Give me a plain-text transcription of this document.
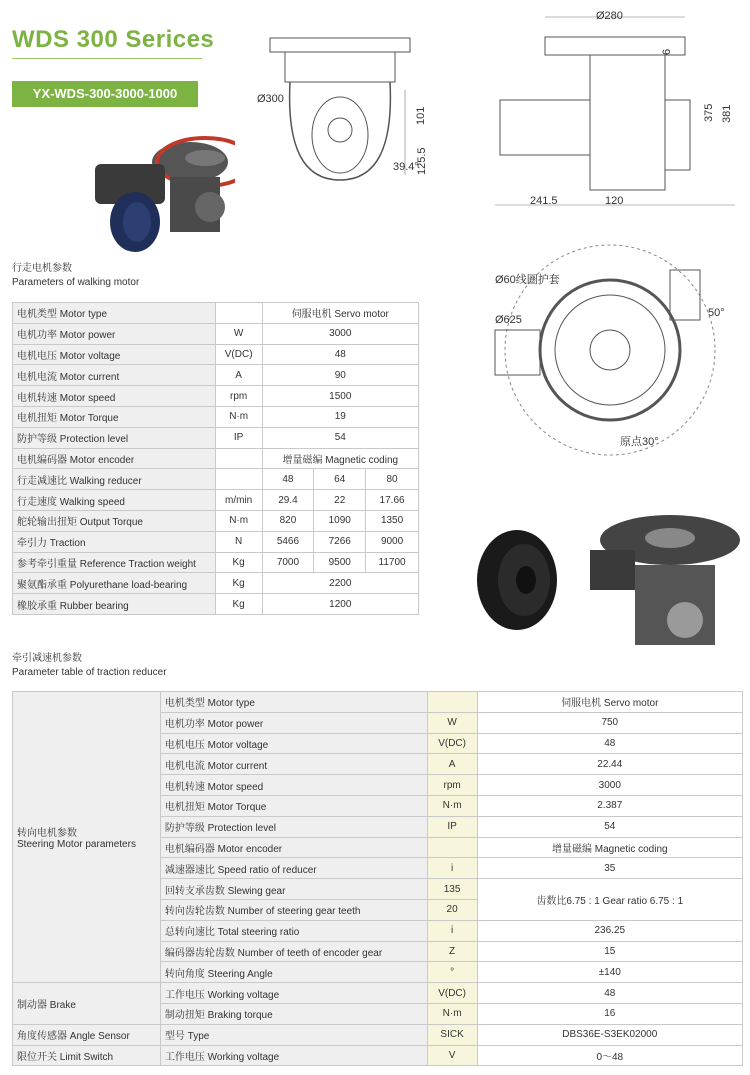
WDS 300 Serices
YX-WDS-300-3000-1000	Ø300
101
125.5
39.4°
Ø280
6
375 381
241.5	120
Ø60线圈护套
Ø625
50°
原点30°
行走电机参数
Parameters of walking motor
电机类型 Motor type		伺服电机 Servo motor		
电机功率 Motor power	W	3000		
电机电压 Motor voltage	V(DC)	48		
电机电流 Motor current	A	90		
电机转速 Motor speed	rpm	1500		
电机扭矩 Motor Torque	N·m	19		
防护等级 Protection level	IP	54		
电机编码器 Motor encoder		增量磁编 Magnetic coding		
行走减速比 Walking reducer		48	64	80
行走速度 Walking speed	m/min	29.4	22	17.66
舵轮输出扭矩 Output Torque	N·m	820	1090	1350
牵引力 Traction	N	5466	7266	9000
参考牵引重量 Reference Traction weight	Kg	7000	9500	11700
聚氨酯承重 Polyurethane load-bearing	Kg	2200		
橡胶承重 Rubber bearing	Kg	1200		
牵引减速机参数
Parameter table of traction reducer
转向电机参数
Steering Motor parameters	电机类型 Motor type		伺服电机 Servo motor
	电机功率 Motor power	W	750
	电机电压 Motor voltage	V(DC)	48
	电机电流 Motor current	A	22.44
	电机转速 Motor speed	rpm	3000
	电机扭矩 Motor Torque	N·m	2.387
	防护等级 Protection level	IP	54
	电机编码器 Motor encoder		增量磁编 Magnetic coding
	减速器速比 Speed ratio of reducer	i	35
	回转支承齿数 Slewing gear	135	齿数比6.75 : 1 Gear ratio 6.75 : 1
	转向齿轮齿数 Number of steering gear teeth	20	
	总转向速比 Total steering ratio	i	236.25
	编码器齿轮齿数 Number of teeth of encoder gear	Z	15
	转向角度 Steering Angle	°	±140
制动器 Brake	工作电压 Working voltage	V(DC)	48
	制动扭矩 Braking torque	N·m	16
角度传感器 Angle Sensor	型号 Type	SICK	DBS36E-S3EK02000
限位开关 Limit Switch	工作电压 Working voltage	V	0～48
